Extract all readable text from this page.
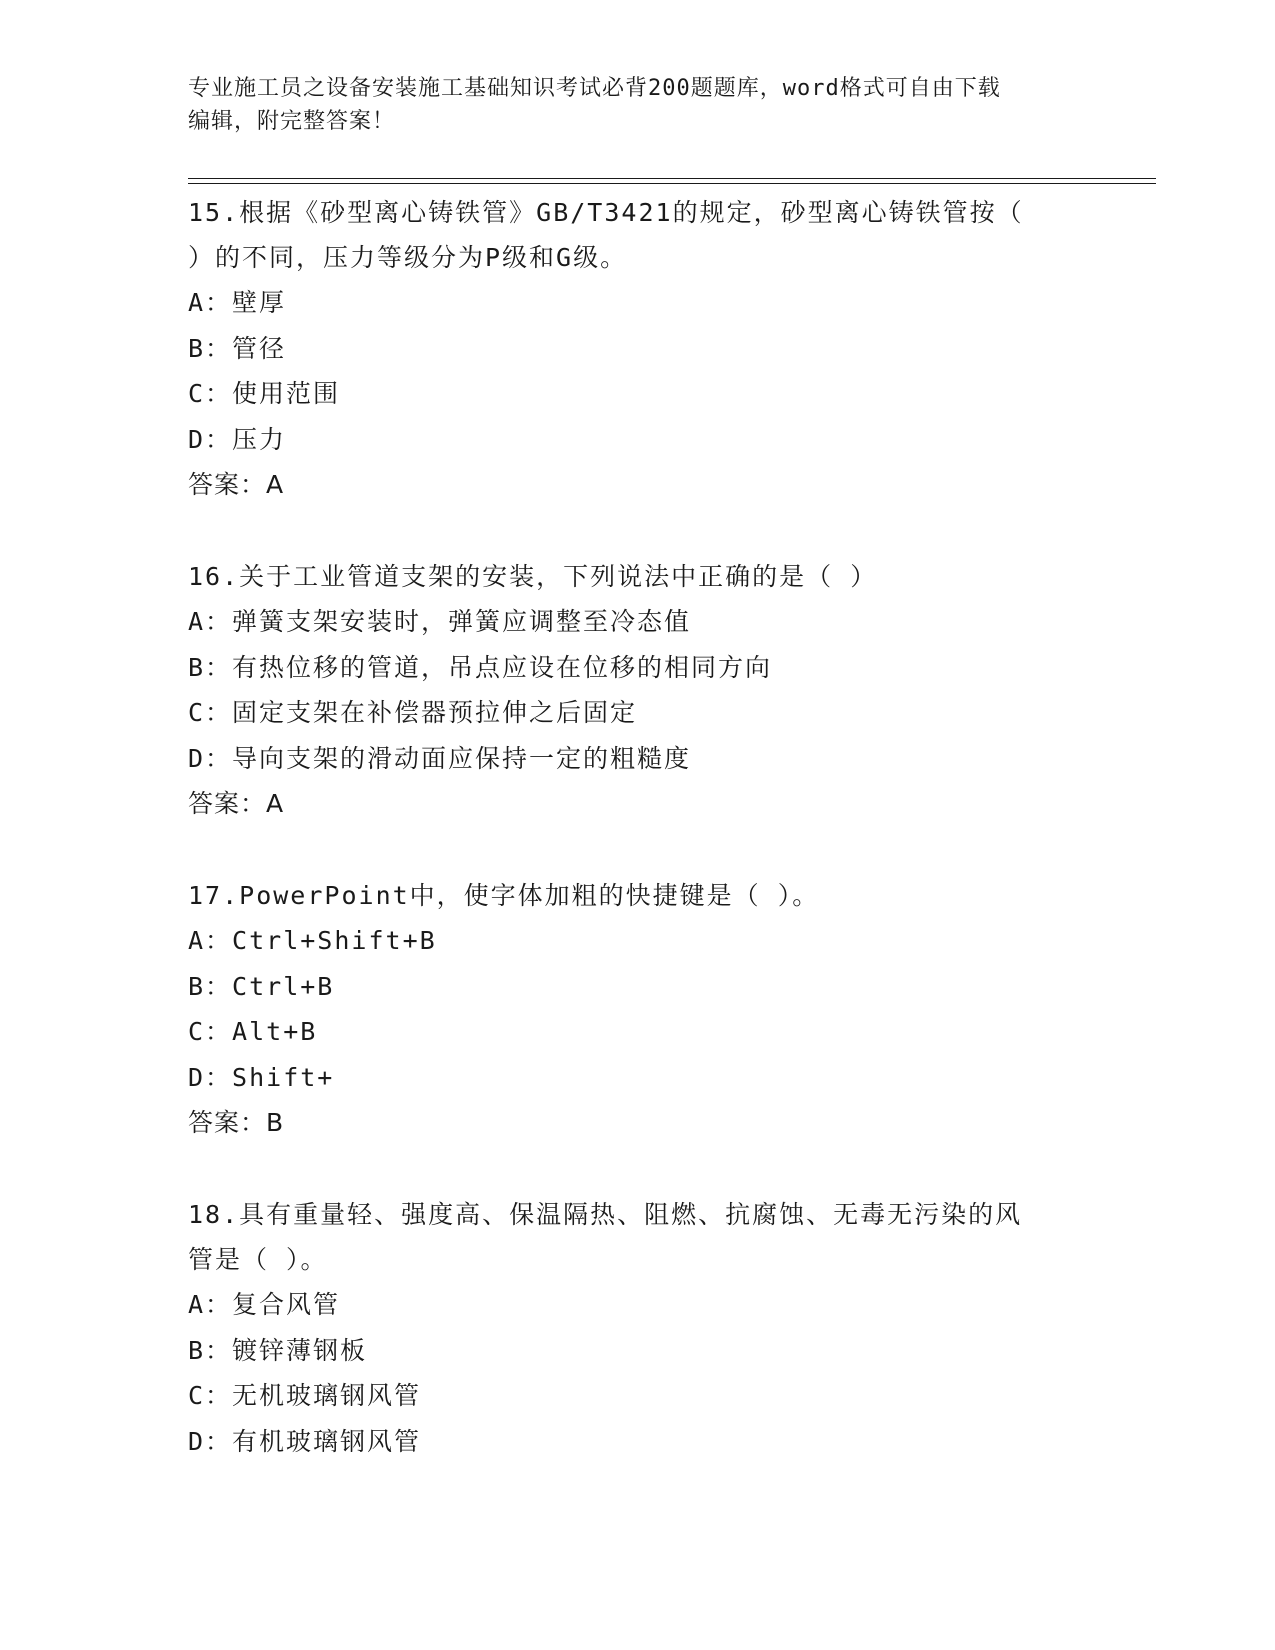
专业施工员之设备安装施工基础知识考试必背200题题库，word格式可自由下载
编辑，附完整答案！

15.根据《砂型离心铸铁管》GB/T3421的规定，砂型离心铸铁管按（

）的不同，压力等级分为P级和G级。

A：壁厚

B：管径

C：使用范围

D：压力

答案：A

16.关于工业管道支架的安装，下列说法中正确的是（ ）

A：弹簧支架安装时，弹簧应调整至冷态值

B：有热位移的管道，吊点应设在位移的相同方向

C：固定支架在补偿器预拉伸之后固定

D：导向支架的滑动面应保持一定的粗糙度

答案：A

17.PowerPoint中，使字体加粗的快捷键是（ ）。

A：Ctrl+Shift+B

B：Ctrl+B

C：Alt+B

D：Shift+

答案：B

18.具有重量轻、强度高、保温隔热、阻燃、抗腐蚀、无毒无污染的风

管是（ ）。

A：复合风管

B：镀锌薄钢板

C：无机玻璃钢风管

D：有机玻璃钢风管
